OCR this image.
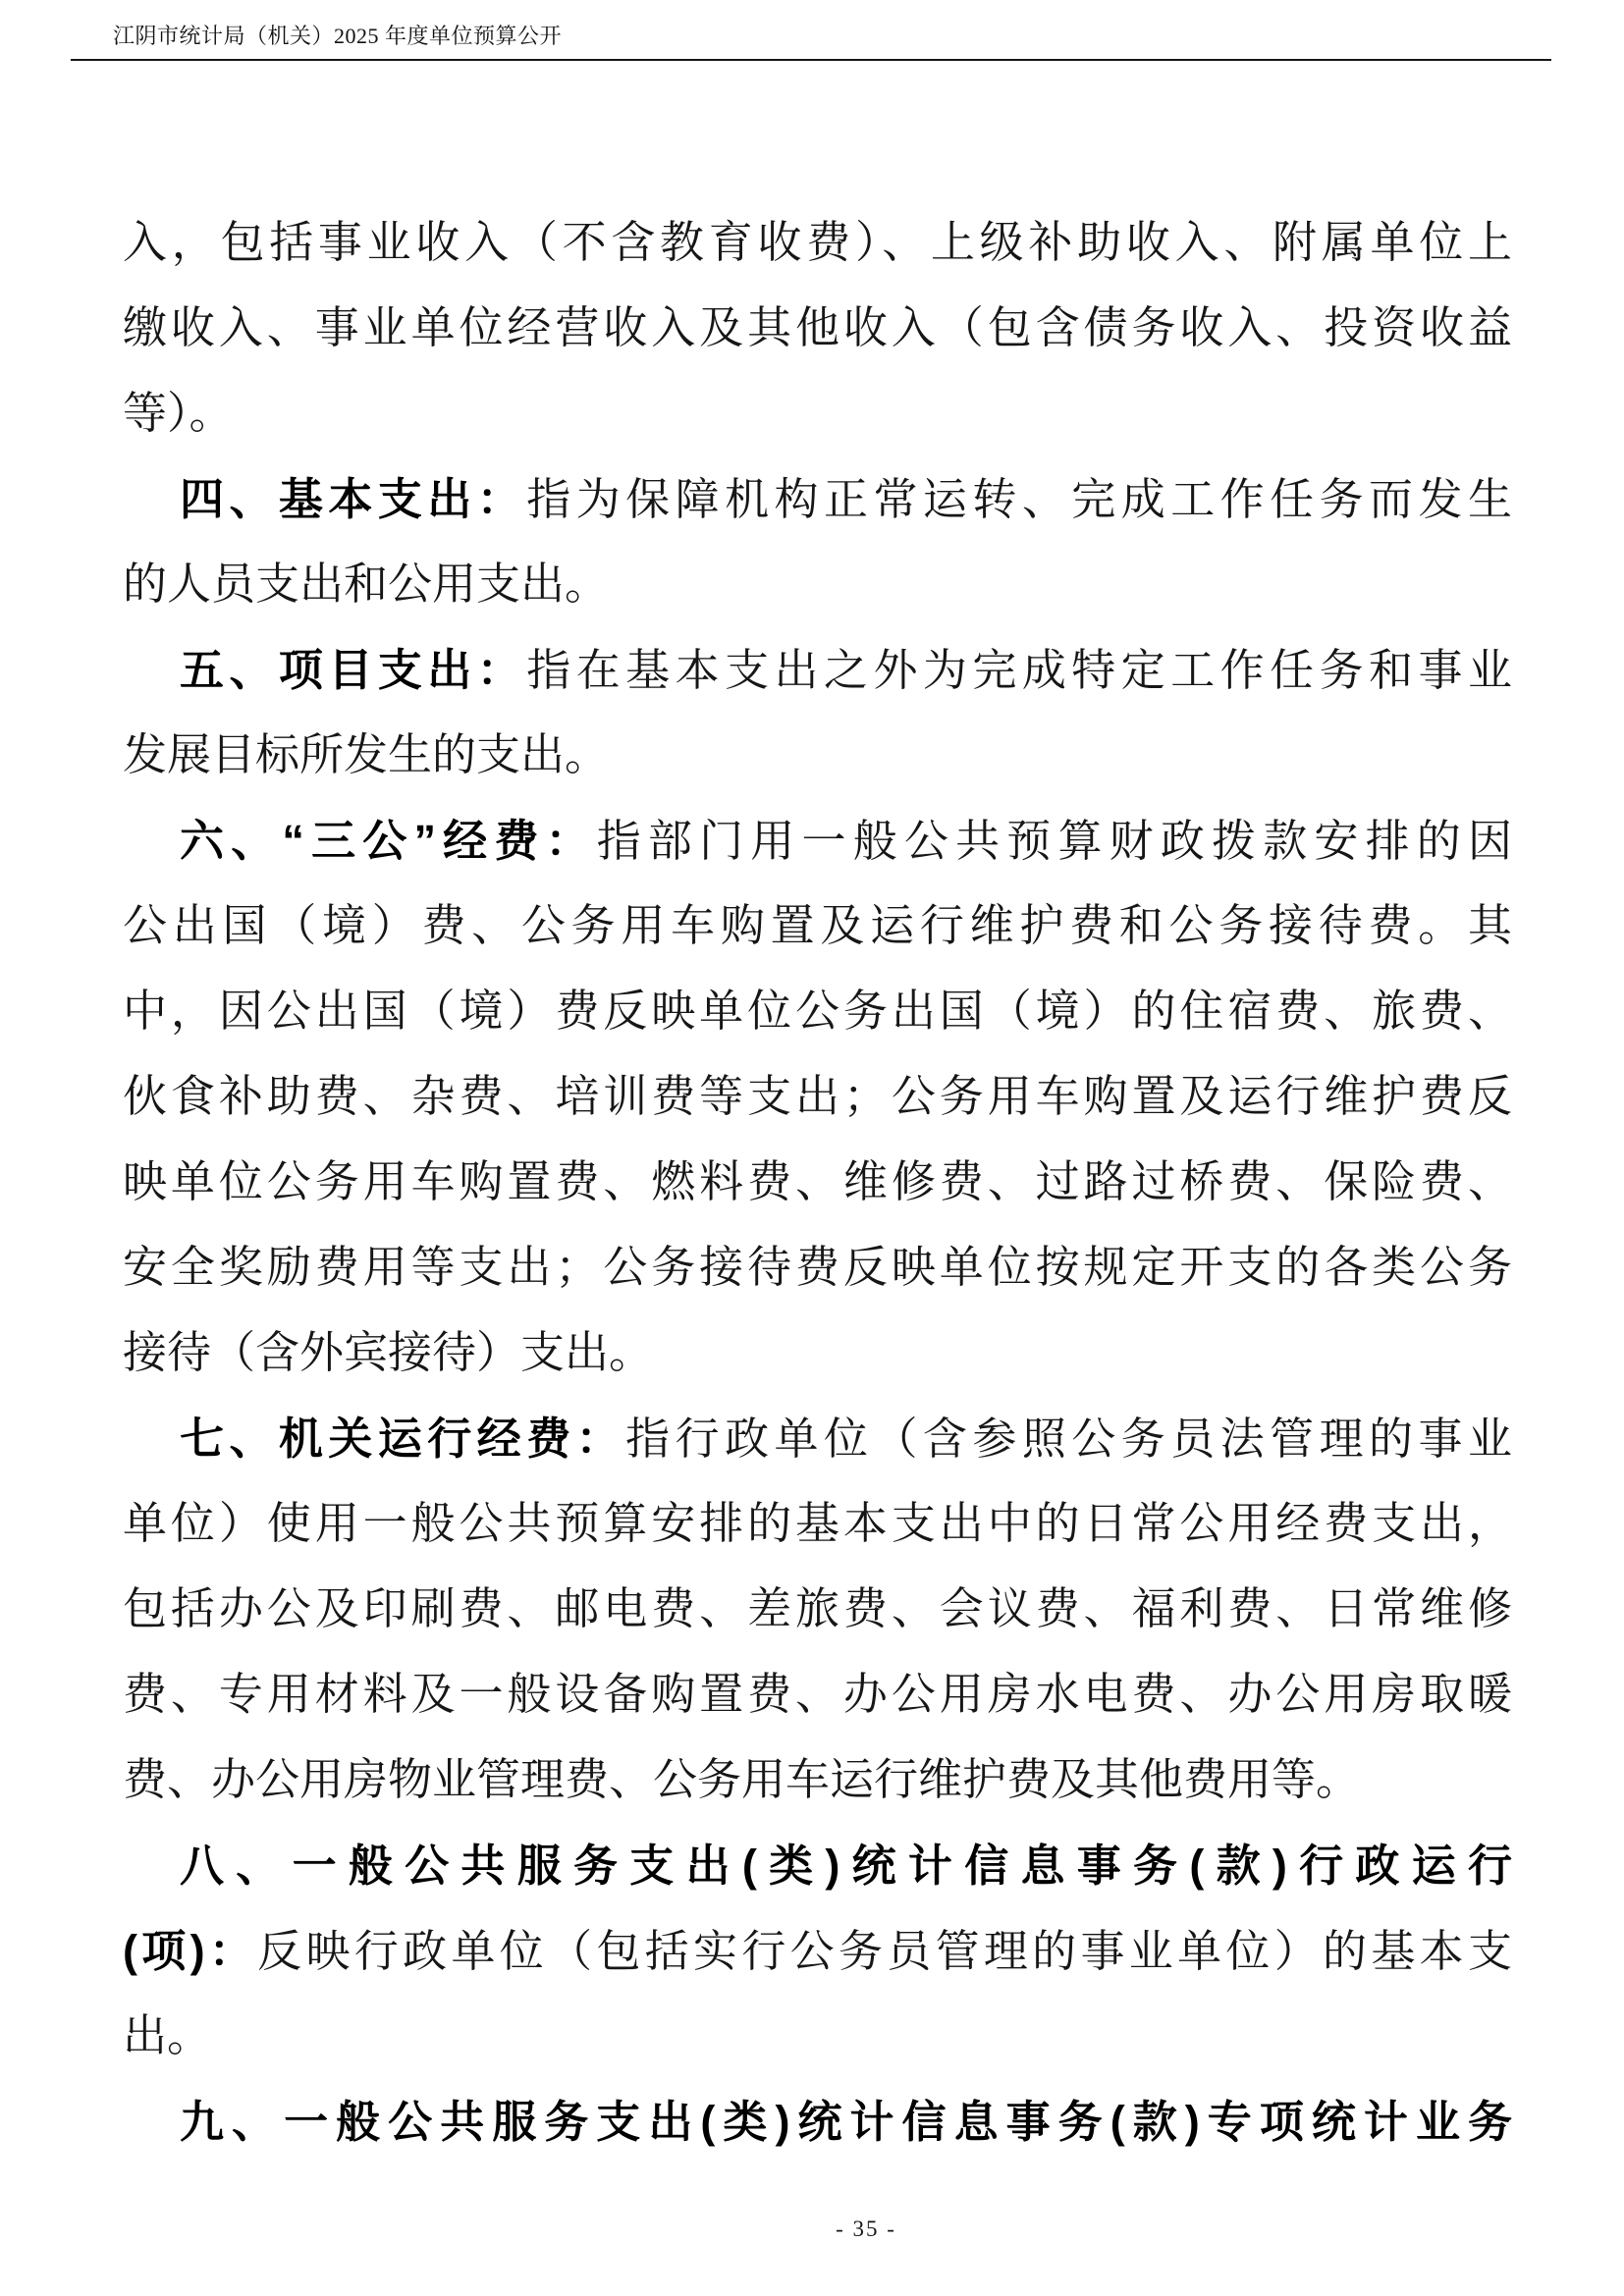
江阴市统计局（机关）2025 年度单位预算公开
入，包括事业收入（不含教育收费）、上级补助收入、附属单位上
缴收入、事业单位经营收入及其他收入（包含债务收入、投资收益
等）。
四、基本支出：指为保障机构正常运转、完成工作任务而发生
的人员支出和公用支出。
五、项目支出：指在基本支出之外为完成特定工作任务和事业
发展目标所发生的支出。
六、“三公”经费：指部门用一般公共预算财政拨款安排的因
公出国（境）费、公务用车购置及运行维护费和公务接待费。其
中，因公出国（境）费反映单位公务出国（境）的住宿费、旅费、
伙食补助费、杂费、培训费等支出；公务用车购置及运行维护费反
映单位公务用车购置费、燃料费、维修费、过路过桥费、保险费、
安全奖励费用等支出；公务接待费反映单位按规定开支的各类公务
接待（含外宾接待）支出。
七、机关运行经费：指行政单位（含参照公务员法管理的事业
单位）使用一般公共预算安排的基本支出中的日常公用经费支出，
包括办公及印刷费、邮电费、差旅费、会议费、福利费、日常维修
费、专用材料及一般设备购置费、办公用房水电费、办公用房取暖
费、办公用房物业管理费、公务用车运行维护费及其他费用等。
八、一般公共服务支出(类)统计信息事务(款)行政运行
(项)：反映行政单位（包括实行公务员管理的事业单位）的基本支
出。
九、一般公共服务支出(类)统计信息事务(款)专项统计业务
- 35 -
